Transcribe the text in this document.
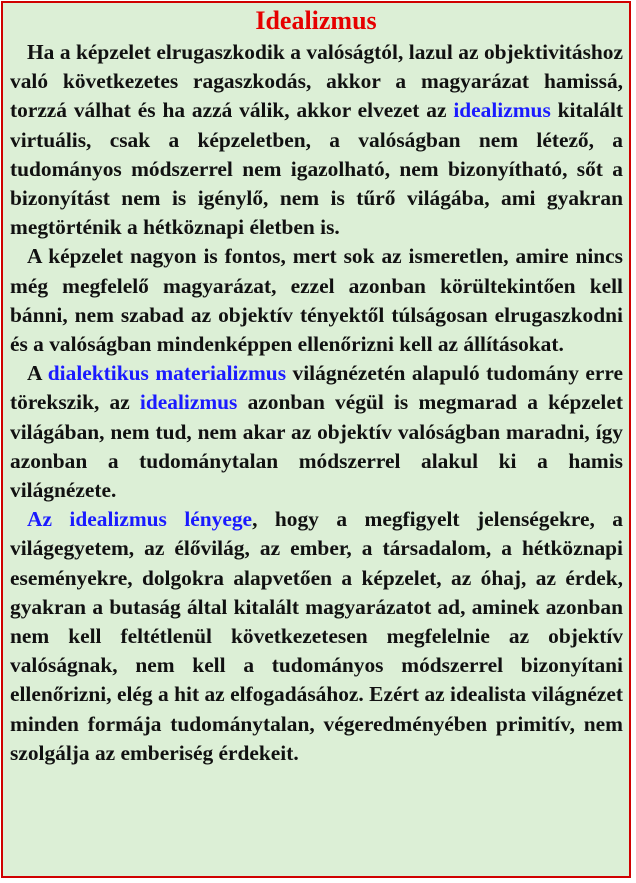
Idealizmus

Ha a képzelet elrugaszkodik a valóságtól, lazul az objektivitáshoz való következetes ragaszkodás, akkor a magyarázat hamissá, torzzá válhat és ha azzá válik, akkor elvezet az idealizmus kitalált virtuális, csak a képzeletben, a valóságban nem létező, a tudományos módszerrel nem igazolható, nem bizonyítható, sőt a bizonyítást nem is igénylő, nem is tűrő világába, ami gyakran megtörténik a hétköznapi életben is.

A képzelet nagyon is fontos, mert sok az ismeretlen, amire nincs még megfelelő magyarázat, ezzel azonban körültekintően kell bánni, nem szabad az objektív tényektől túlságosan elrugaszkodni és a valóságban mindenképpen ellenőrizni kell az állításokat.

A dialektikus materializmus világnézetén alapuló tudomány erre törekszik, az idealizmus azonban végül is megmarad a képzelet világában, nem tud, nem akar az objektív valóságban maradni, így azonban a tudománytalan módszerrel alakul ki a hamis világnézete.

Az idealizmus lényege, hogy a megfigyelt jelenségekre, a világegyetem, az élővilág, az ember, a társadalom, a hétköznapi eseményekre, dolgokra alapvetően a képzelet, az óhaj, az érdek, gyakran a butaság által kitalált magyarázatot ad, aminek azonban nem kell feltétlenül következetesen megfelelnie az objektív valóságnak, nem kell a tudományos módszerrel bizonyítani ellenőrizni, elég a hit az elfogadásához. Ezért az idealista világnézet minden formája tudománytalan, végeredményében primitív, nem szolgálja az emberiség érdekeit.
